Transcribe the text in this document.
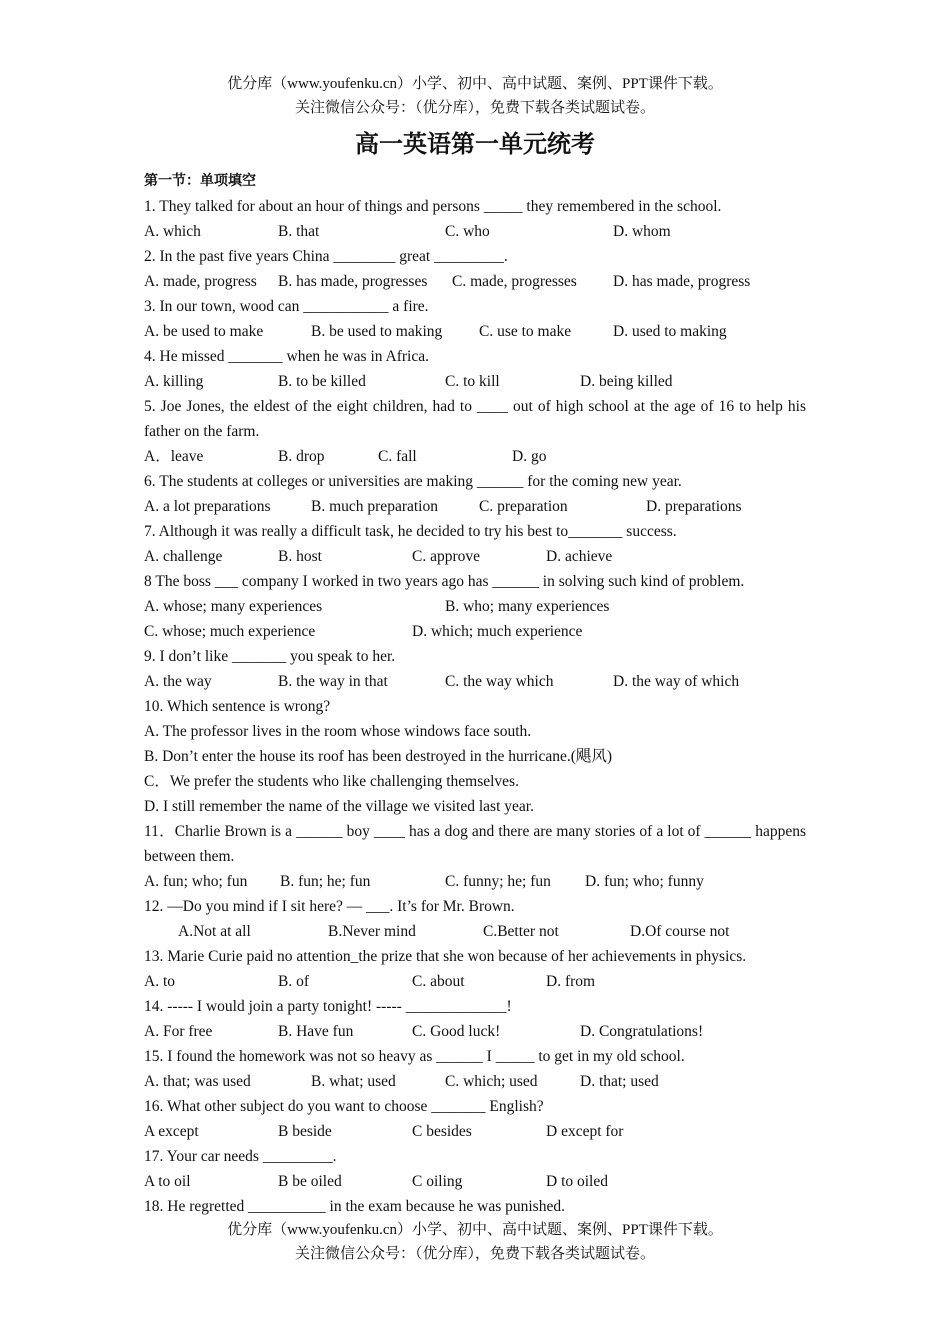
优分库（www.youfenku.cn）小学、初中、高中试题、案例、PPT课件下载。
关注微信公众号：（优分库），免费下载各类试题试卷。
高一英语第一单元统考
第一节：单项填空
1. They talked for about an hour of things and persons _____ they remembered in the school.
A. which	B. that	C. who	D. whom
2. In the past five years China ________ great _________.
A. made, progress B. has made, progresses C. made, progresses D. has made, progress
3. In our town, wood can ___________ a fire.
A. be used to make	B. be used to making C. use to make	D. used to making
4. He missed _______ when he was in Africa.
A. killing	B. to be killed	C. to kill	D. being killed
5. Joe Jones, the eldest of the eight children, had to ____ out of high school at the age of 16 to help his father on the farm.
A．leave	B. drop	C. fall	D. go
6. The students at colleges or universities are making ______ for the coming new year.
A. a lot preparations	B. much preparation	C. preparation	D. preparations
7. Although it was really a difficult task, he decided to try his best to_______ success.
A. challenge	B. host	C. approve	D. achieve
8 The boss ___ company I worked in two years ago has ______ in solving such kind of problem.
A. whose; many experiences	B. who; many experiences
C. whose; much experience	D. which; much experience
9. I don’t like _______ you speak to her.
A. the way	B. the way in that	C. the way which	D. the way of which
10. Which sentence is wrong?
A. The professor lives in the room whose windows face south.
B. Don’t enter the house its roof has been destroyed in the hurricane.(飓风)
C．We prefer the students who like challenging themselves.
D. I still remember the name of the village we visited last year.
11．Charlie Brown is a ______ boy ____ has a dog and there are many stories of a lot of ______ happens between them.
A. fun; who; fun B. fun; he; fun	C. funny; he; fun D. fun; who; funny
12. —Do you mind if I sit here? — ___. It’s for Mr. Brown.
A.Not at all	B.Never mind	C.Better not	D.Of course not
13. Marie Curie paid no attention_the prize that she won because of her achievements in physics.
A. to	B. of	C. about	D. from
14. ----- I would join a party tonight! ----- _____________!
A. For free	B. Have fun	C. Good luck!	D. Congratulations!
15. I found the homework was not so heavy as ______ I _____ to get in my old school.
A. that; was used	B. what; used	C. which; used	D. that; used
16. What other subject do you want to choose _______ English?
A except	B beside	C besides	D except for
17. Your car needs _________.
A to oil	B be oiled	C oiling	D to oiled
18. He regretted __________ in the exam because he was punished.
优分库（www.youfenku.cn）小学、初中、高中试题、案例、PPT课件下载。
关注微信公众号：（优分库），免费下载各类试题试卷。
